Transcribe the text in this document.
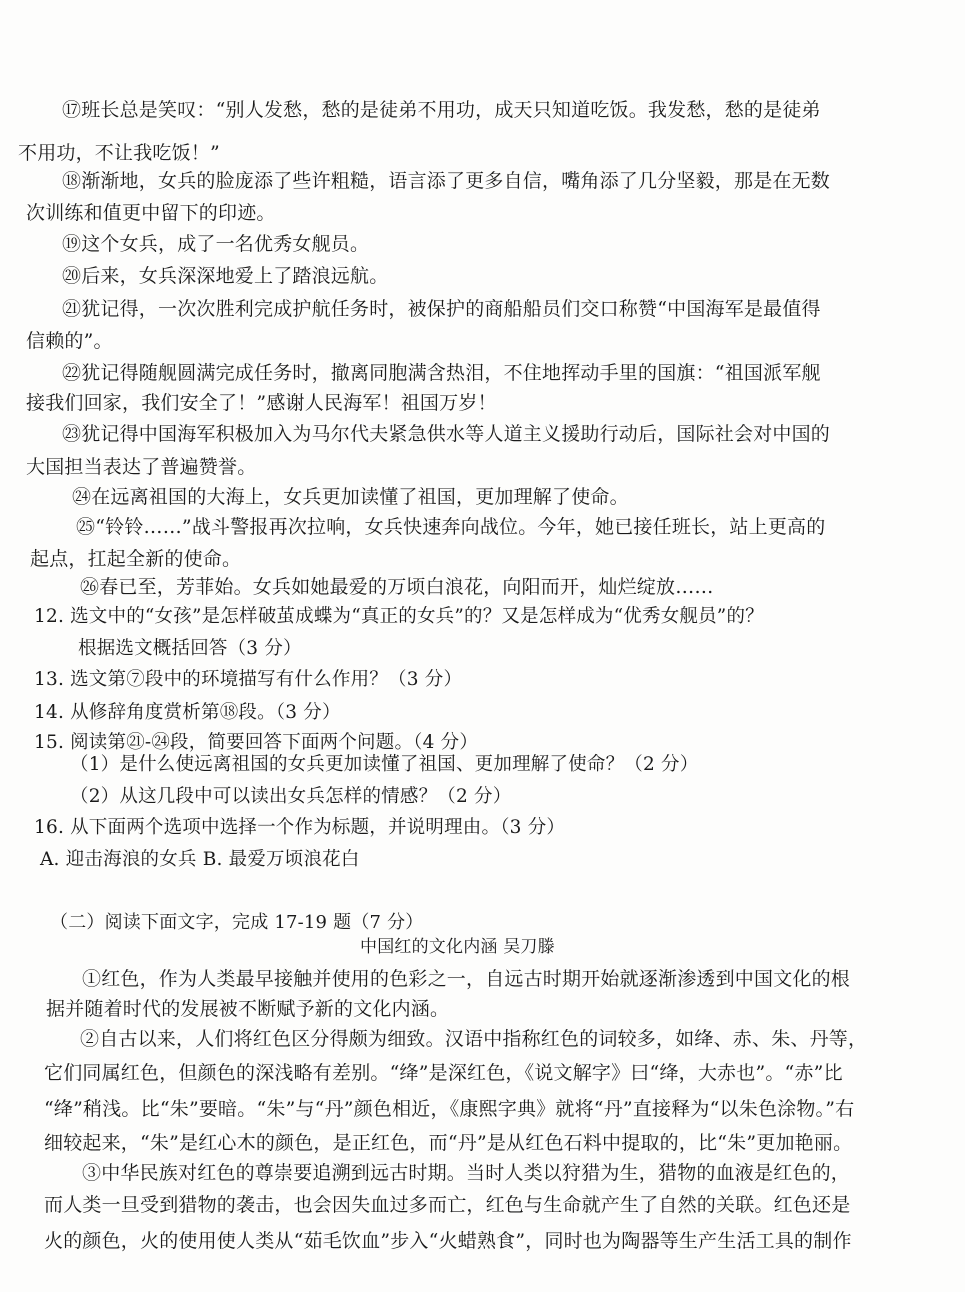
⑰班长总是笑叹：“别人发愁，愁的是徒弟不用功，成天只知道吃饭。我发愁，愁的是徒弟
不用功，不让我吃饭！”
⑱渐渐地，女兵的脸庞添了些许粗糙，语言添了更多自信，嘴角添了几分坚毅，那是在无数
次训练和值更中留下的印迹。
⑲这个女兵，成了一名优秀女舰员。
⑳后来，女兵深深地爱上了踏浪远航。
㉑犹记得，一次次胜利完成护航任务时，被保护的商船船员们交口称赞“中国海军是最值得
信赖的”。
㉒犹记得随舰圆满完成任务时，撤离同胞满含热泪，不住地挥动手里的国旗：“祖国派军舰
接我们回家，我们安全了！”感谢人民海军！祖国万岁！
㉓犹记得中国海军积极加入为马尔代夫紧急供水等人道主义援助行动后，国际社会对中国的
大国担当表达了普遍赞誉。
㉔在远离祖国的大海上，女兵更加读懂了祖国，更加理解了使命。
㉕“铃铃……”战斗警报再次拉响，女兵快速奔向战位。今年，她已接任班长，站上更高的
起点，扛起全新的使命。
㉖春已至，芳菲始。女兵如她最爱的万顷白浪花，向阳而开，灿烂绽放……
12. 选文中的“女孩”是怎样破茧成蝶为“真正的女兵”的？又是怎样成为“优秀女舰员”的？
根据选文概括回答（3 分）
13. 选文第⑦段中的环境描写有什么作用？（3 分）
14. 从修辞角度赏析第⑱段。（3 分）
15. 阅读第㉑-㉔段，简要回答下面两个问题。（4 分）
（1）是什么使远离祖国的女兵更加读懂了祖国、更加理解了使命？（2 分）
（2）从这几段中可以读出女兵怎样的情感？（2 分）
16. 从下面两个选项中选择一个作为标题，并说明理由。（3 分）
A. 迎击海浪的女兵 B. 最爱万顷浪花白
（二）阅读下面文字，完成 17-19 题（7 分）
中国红的文化内涵 吴刀滕
①红色，作为人类最早接触并使用的色彩之一，自远古时期开始就逐渐渗透到中国文化的根
据并随着时代的发展被不断赋予新的文化内涵。
②自古以来，人们将红色区分得颇为细致。汉语中指称红色的词较多，如绛、赤、朱、丹等，
它们同属红色，但颜色的深浅略有差别。“绛”是深红色，《说文解字》曰“绛，大赤也”。“赤”比
“绛”稍浅。比“朱”要暗。“朱”与“丹”颜色相近，《康熙字典》就将“丹”直接释为“以朱色涂物。”右
细较起来，“朱”是红心木的颜色，是正红色，而“丹”是从红色石料中提取的，比“朱”更加艳丽。
③中华民族对红色的尊崇要追溯到远古时期。当时人类以狩猎为生，猎物的血液是红色的，
而人类一旦受到猎物的袭击，也会因失血过多而亡，红色与生命就产生了自然的关联。红色还是
火的颜色，火的使用使人类从“茹毛饮血”步入“火蜡熟食”，同时也为陶器等生产生活工具的制作
